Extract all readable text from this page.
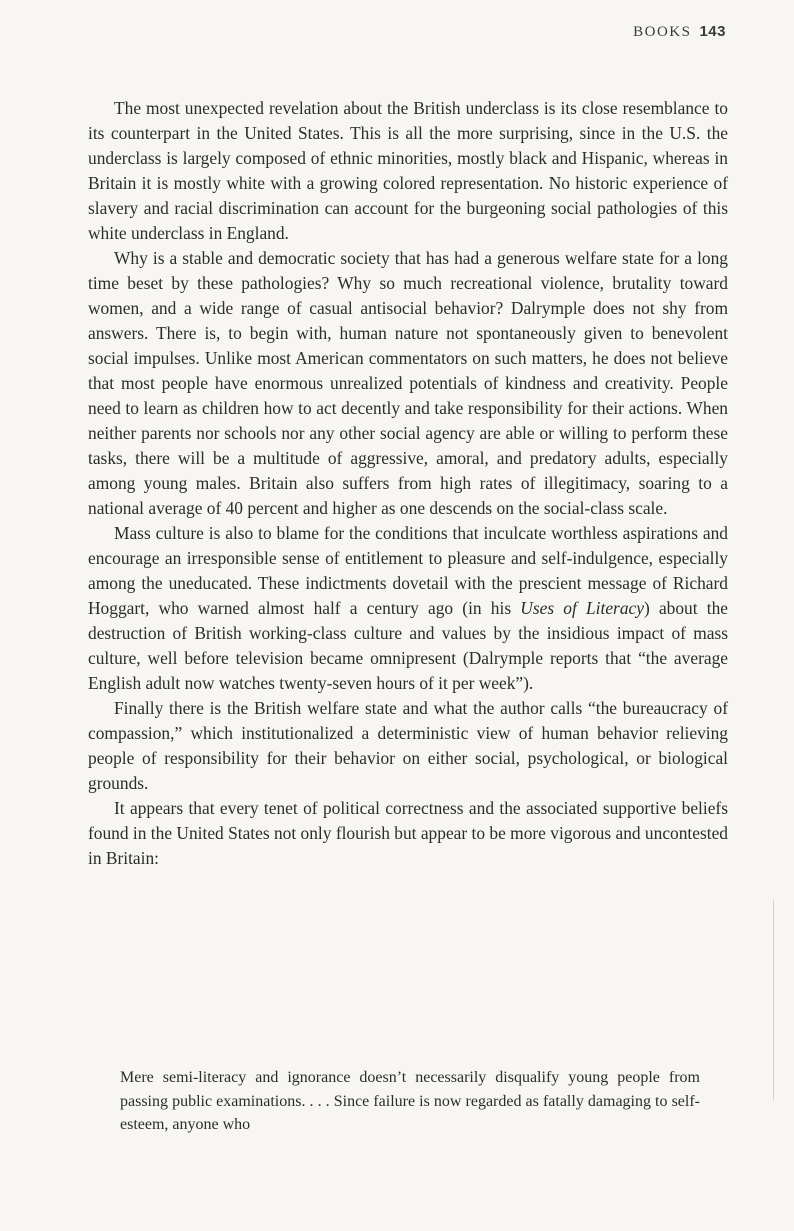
BOOKS 143

The most unexpected revelation about the British underclass is its close resemblance to its counterpart in the United States. This is all the more surprising, since in the U.S. the underclass is largely composed of ethnic minorities, mostly black and Hispanic, whereas in Britain it is mostly white with a growing colored representation. No historic experience of slavery and racial discrimination can account for the burgeoning social pathologies of this white underclass in England.

Why is a stable and democratic society that has had a generous welfare state for a long time beset by these pathologies? Why so much recreational violence, brutality toward women, and a wide range of casual antisocial behavior? Dalrymple does not shy from answers. There is, to begin with, human nature not spontaneously given to benevolent social impulses. Unlike most American commentators on such matters, he does not believe that most people have enormous unrealized potentials of kindness and creativity. People need to learn as children how to act decently and take responsibility for their actions. When neither parents nor schools nor any other social agency are able or willing to perform these tasks, there will be a multitude of aggressive, amoral, and predatory adults, especially among young males. Britain also suffers from high rates of illegitimacy, soaring to a national average of 40 percent and higher as one descends on the social-class scale.

Mass culture is also to blame for the conditions that inculcate worthless aspirations and encourage an irresponsible sense of entitlement to pleasure and self-indulgence, especially among the uneducated. These indictments dovetail with the prescient message of Richard Hoggart, who warned almost half a century ago (in his Uses of Literacy) about the destruction of British working-class culture and values by the insidious impact of mass culture, well before television became omnipresent (Dalrymple reports that “the average English adult now watches twenty-seven hours of it per week”).

Finally there is the British welfare state and what the author calls “the bureaucracy of compassion,” which institutionalized a deterministic view of human behavior relieving people of responsibility for their behavior on either social, psychological, or biological grounds.

It appears that every tenet of political correctness and the associated supportive beliefs found in the United States not only flourish but appear to be more vigorous and uncontested in Britain:

Mere semi-literacy and ignorance doesn’t necessarily disqualify young people from passing public examinations. . . . Since failure is now regarded as fatally damaging to self-esteem, anyone who
